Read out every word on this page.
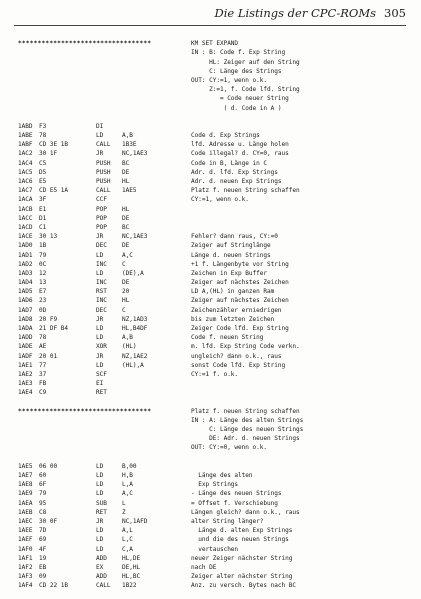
Die Listings der CPC-ROMs 305
**********************************	KM SET EXPAND
IN : B: Code f. Exp String
HL: Zeiger auf den String
C: Länge des Strings
OUT: CY:=1, wenn o.k.
Z:=1, f. Code lfd. String
= Code neuer String
( d. Code in A )
1ABD F3	DI
1ABE 78	LD	A,B	Code d. Exp Strings
1ABF CD 3E 1B	CALL 1B3E	lfd. Adresse u. Länge holen
1AC2 30 1F	JR	NC,1AE3	Code illegal? d. CY=0, raus
1AC4 C5	PUSH BC	Code in B, Länge in C
1AC5 D5	PUSH DE	Adr. d. lfd. Exp Strings
1AC6 E5	PUSH HL	Adr. d. neuen Exp Strings
1AC7 CD E5 1A	CALL 1AE5	Platz f. neuen String schaffen
1ACA 3F	CCF	CY:=1, wenn o.k.
1ACB E1	POP HL
1ACC D1	POP DE
1ACD C1	POP BC
1ACE 30 13	JR	NC,1AE3	Fehler? dann raus, CY:=0
1AD0 1B	DEC DE	Zeiger auf Stringlänge
1AD1 79	LD	A,C	Länge d. neuen Strings
1AD2 0C	INC C	+1 f. Längenbyte vor String
1AD3 12	LD	(DE),A	Zeichen in Exp Buffer
1AD4 13	INC DE	Zeiger auf nächstes Zeichen
1AD5 E7	RST 20	LD A,(HL) in ganzen Ram
1AD6 23	INC HL	Zeiger auf nächstes Zeichen
1AD7 0D	DEC C	Zeichenzähler erniedrigen
1AD8 20 F9	JR	NZ,1AD3	bis zum letzten Zeichen
1ADA 21 DF B4	LD	HL,B4DF	Zeiger Code lfd. Exp String
1ADD 78	LD	A,B	Code f. neuen String
1ADE AE	XOR (HL)	m. lfd. Exp String Code verkn.
1ADF 20 01	JR	NZ,1AE2	ungleich? dann o.k., raus
1AE1 77	LD	(HL),A	sonst Code lfd. Exp String
1AE2 37	SCF	CY:=1 f. o.k.
1AE3 FB	EI
1AE4 C9	RET
**********************************	Platz f. neuen String schaffen
IN : A: Länge des alten Strings
C: Länge des neuen Strings
DE: Adr. d. neuen Strings
OUT: CY:=0, wenn o.k.
1AE5 06 00	LD	B,00
1AE7 60	LD	H,B	Länge des alten
1AE8 6F	LD	L,A	Exp Strings
1AE9 79	LD	A,C	- Länge des neuen Strings
1AEA 95	SUB L	= Offset f. Verschiebung
1AEB C8	RET Z	Längen gleich? dann o.k., raus
1AEC 30 0F	JR	NC,1AFD	alter String länger?
1AEE 7D	LD	A,L	Länge d. alten Exp Strings
1AEF 69	LD	L,C	und die des neuen Strings
1AF0 4F	LD	C,A	vertauschen
1AF1 19	ADD HL,DE	neuer Zeiger nächster String
1AF2 EB	EX	DE,HL	nach DE
1AF3 09	ADD HL,BC	Zeiger alter nächster String
1AF4 CD 22 1B	CALL 1B22	Anz. zu versch. Bytes nach BC
